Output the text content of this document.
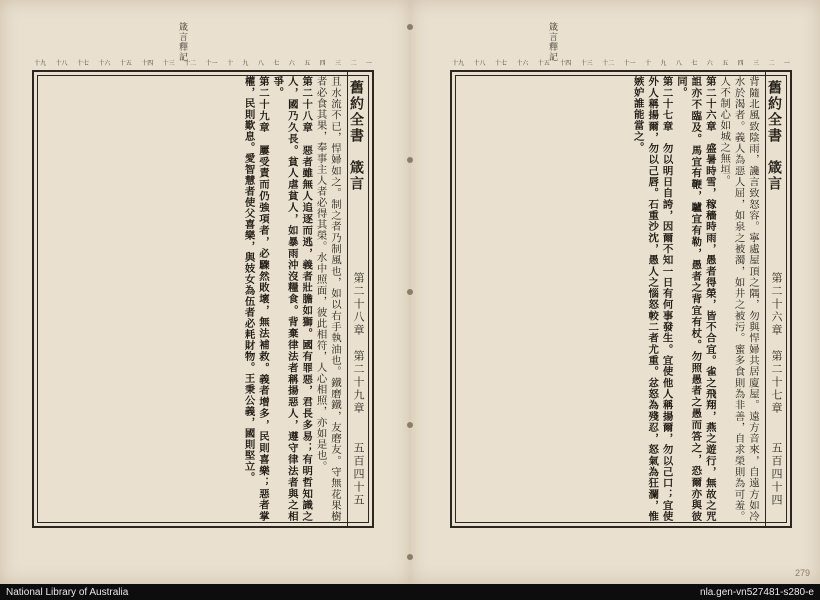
箴言釋記
十九 十八 十七 十六 十五 十四 十三 十二 十一 十 九 八 七 六 五 四 三 二 一
舊約全書　箴言
第二十八章　第二十九章
五百四十五

且水流不已，悍婦如之。制之者乃制風也，如以右手執油也。鐵磨鐵，友磨友。守無花果樹者必食其果，奉事主人者必得其榮。水中照面，彼此相符，人心相照，亦如是也。

第二十八章　惡者雖無人追逐而逃，義者壯膽如獅。國有罪惡，君長多易；有明哲知識之人，國乃久長。貧人虐貧人，如暴雨沖沒糧食。背棄律法者稱揚惡人，遵守律法者與之相爭。

第二十九章　屢受責而仍強項者，必驟然敗壞，無法補救。義者增多，民則喜樂；惡者掌權，民則歎息。愛智慧者使父喜樂，與妓女為伍者必耗財物。王秉公義，國則堅立。

箴言釋記
十九 十八 十七 十六 十五 十四 十三 十二 十一 十 九 八 七 六 五 四 三 二 一
舊約全書　箴言
第二十六章　第二十七章
五百四十四

背隨北風致陰雨，讒言致怒容。寧處屋頂之隅，勿與悍婦共居廈屋。遠方音來，自遠方如冷水於渴者。義人為惡人屈，如泉之被濁，如井之被污。蜜多食則為非善，自求榮則為可羞。人不制心如城之無垣。

第二十六章　盛暑時雪，稼穡時雨，愚者得榮，皆不合宜。雀之飛翔，燕之遊行，無故之咒詛亦不臨及。馬宜有鞭，驢宜有勒，愚者之背宜有杖。勿照愚者之愚而答之，恐爾亦與彼同。

第二十七章　勿以明日自誇，因爾不知一日有何事發生。宜使他人稱揚爾，勿以己口；宜使外人稱揚爾，勿以己唇。石重沙沈，愚人之惱怒較二者尤重。忿怒為殘忍，怒氣為狂瀾，惟嫉妒誰能當之。

279
National Library of Australia	nla.gen-vn527481-s280-e
